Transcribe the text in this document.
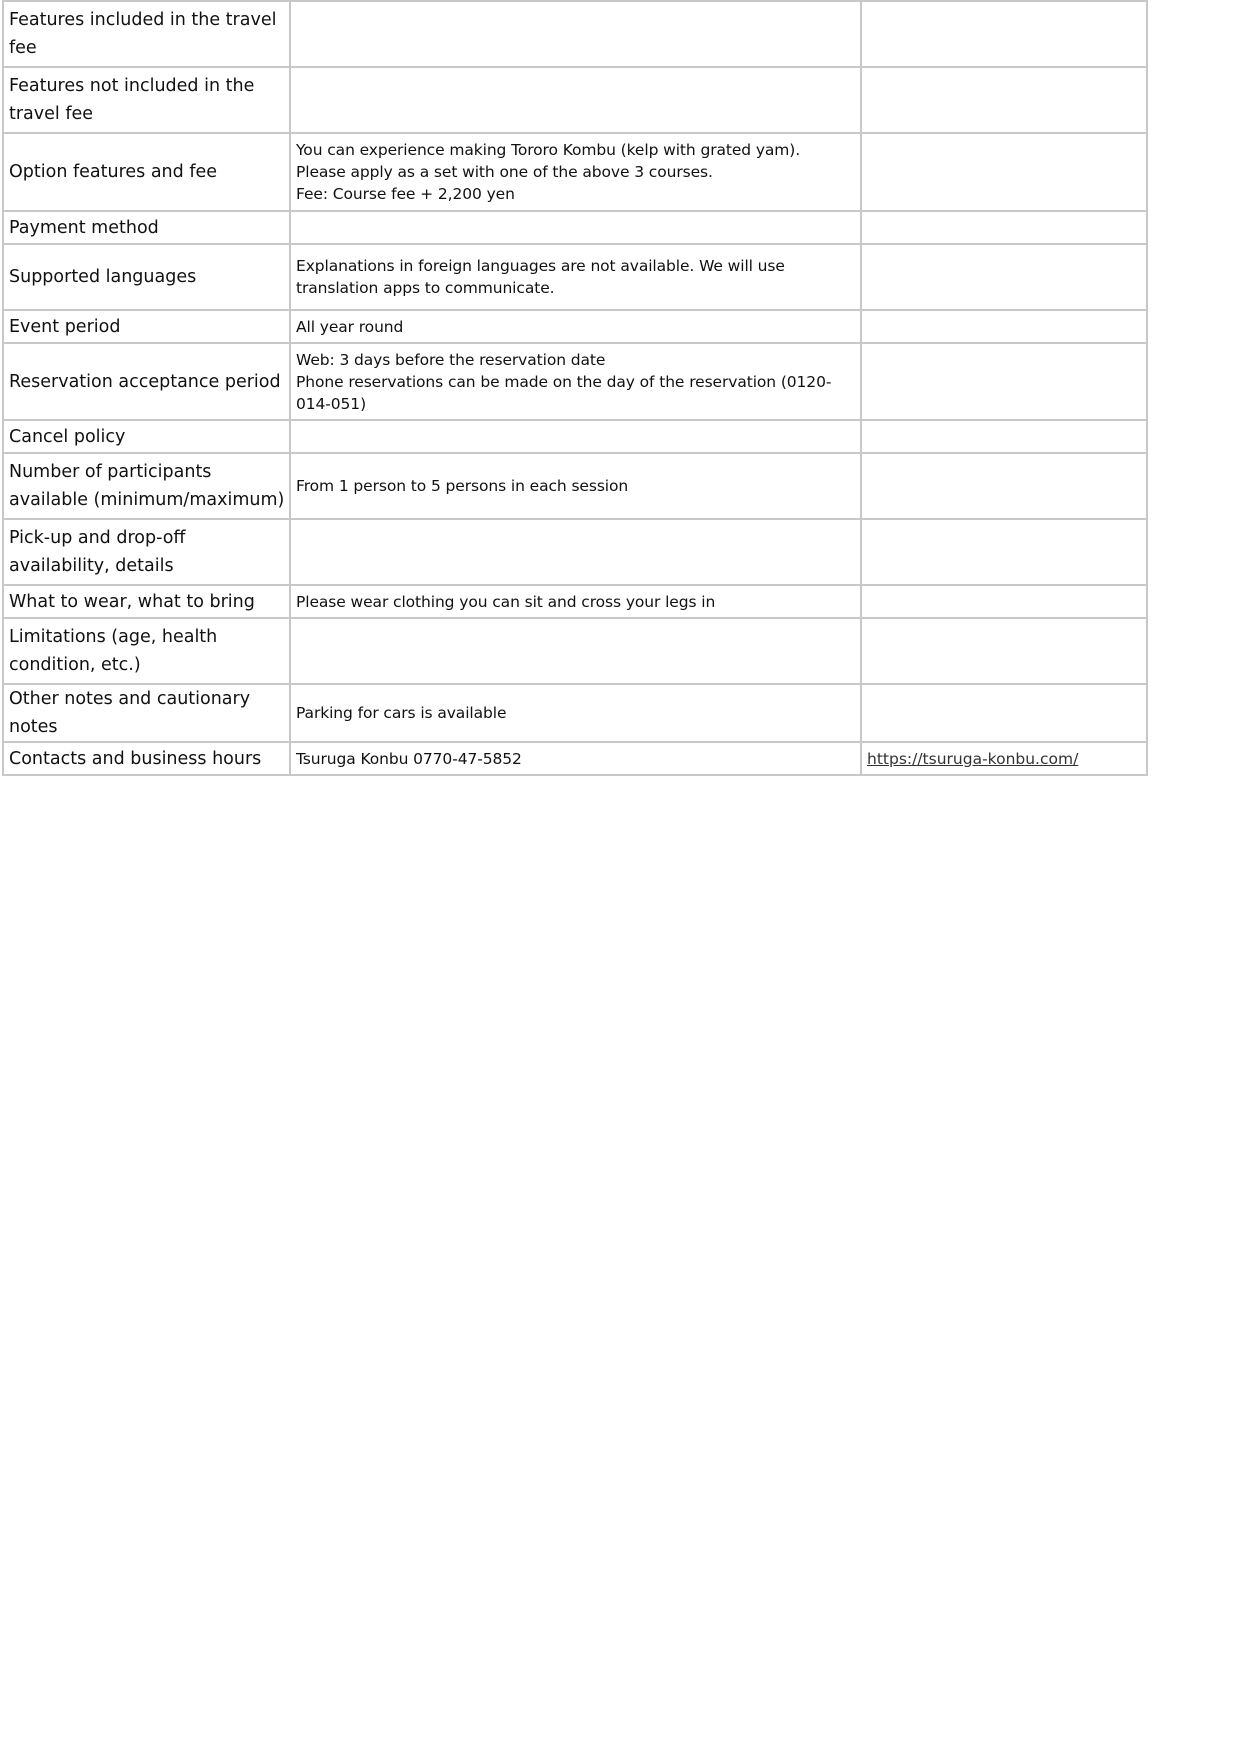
Features included in the travel fee		
Features not included in the travel fee		
Option features and fee	You can experience making Tororo Kombu (kelp with grated yam).
Please apply as a set with one of the above 3 courses.
Fee: Course fee + 2,200 yen	
Payment method		
Supported languages	Explanations in foreign languages are not available. We will use translation apps to communicate.	
Event period	All year round	
Reservation acceptance period	Web: 3 days before the reservation date
Phone reservations can be made on the day of the reservation (0120-014-051)	
Cancel policy		
Number of participants available (minimum/maximum)	From 1 person to 5 persons in each session	
Pick-up and drop-off availability, details		
What to wear, what to bring	Please wear clothing you can sit and cross your legs in	
Limitations (age, health condition, etc.)		
Other notes and cautionary notes	Parking for cars is available	
Contacts and business hours	Tsuruga Konbu 0770-47-5852	https://tsuruga-konbu.com/
